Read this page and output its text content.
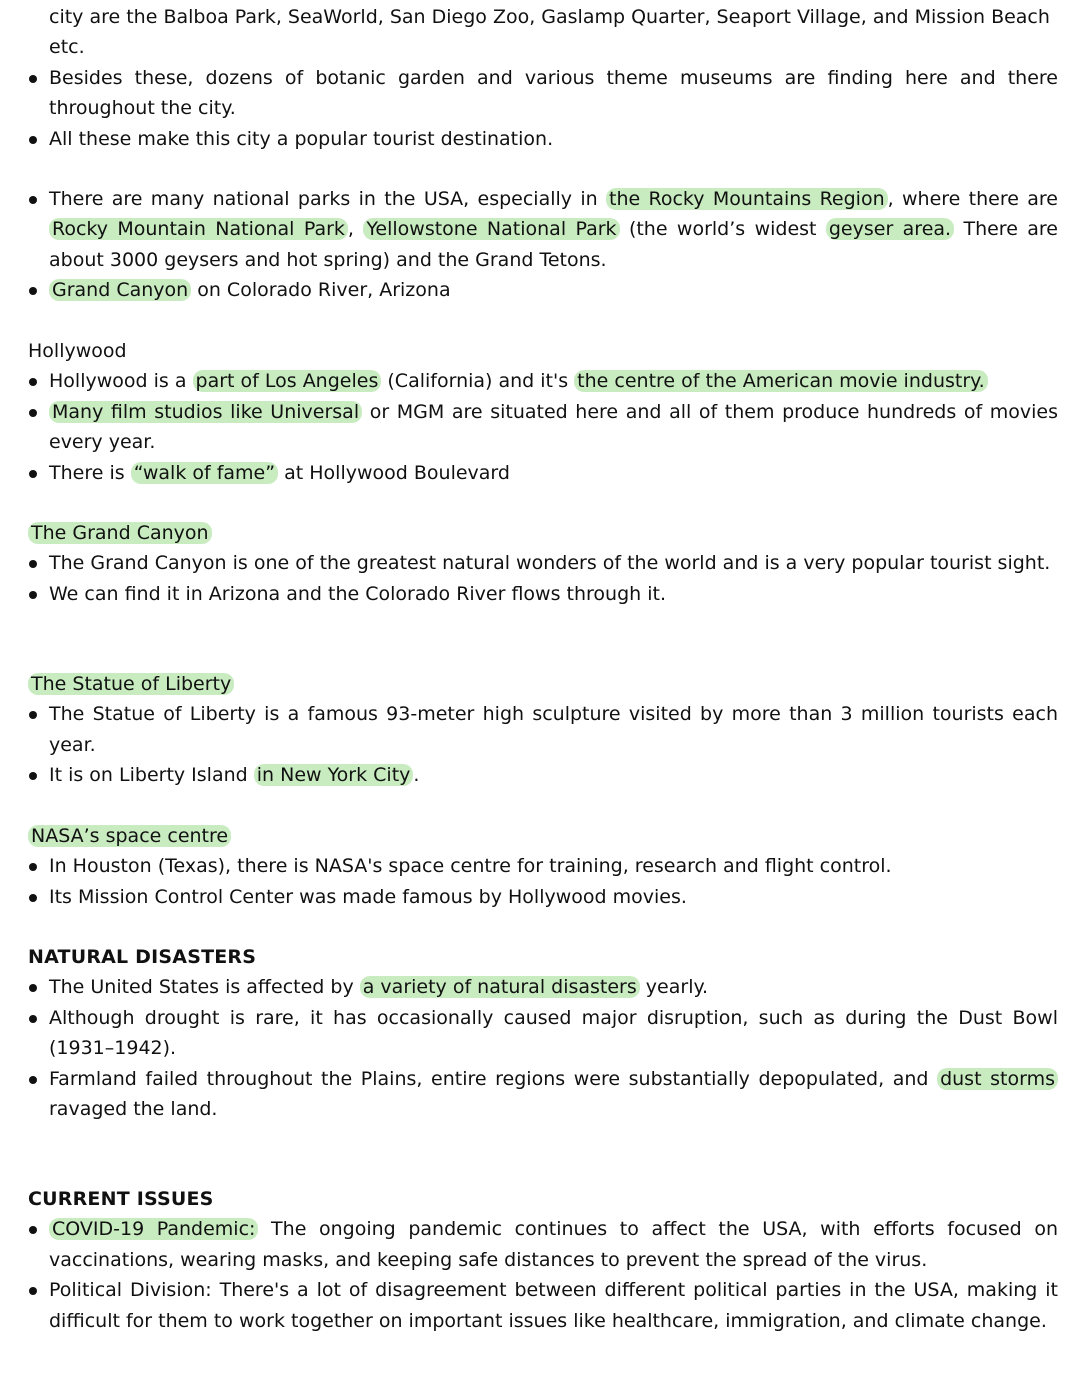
city are the Balboa Park, SeaWorld, San Diego Zoo, Gaslamp Quarter, Seaport Village, and Mission Beach etc.
Besides these, dozens of botanic garden and various theme museums are finding here and there throughout the city.
All these make this city a popular tourist destination.
There are many national parks in the USA, especially in the Rocky Mountains Region , where there are Rocky Mountain National Park , Yellowstone National Park (the world’s widest geyser area. There are about 3000 geysers and hot spring) and the Grand Tetons.
Grand Canyon on Colorado River, Arizona
Hollywood
Hollywood is a part of Los Angeles (California) and it's the centre of the American movie industry.
Many film studios like Universal or MGM are situated here and all of them produce hundreds of movies every year.
There is “walk of fame” at Hollywood Boulevard
The Grand Canyon
The Grand Canyon is one of the greatest natural wonders of the world and is a very popular tourist sight.
We can find it in Arizona and the Colorado River flows through it.
The Statue of Liberty
The Statue of Liberty is a famous 93-meter high sculpture visited by more than 3 million tourists each year.
It is on Liberty Island in New York City .
NASA’s space centre
In Houston (Texas), there is NASA's space centre for training, research and flight control.
Its Mission Control Center was made famous by Hollywood movies.
NATURAL DISASTERS
The United States is affected by a variety of natural disasters yearly.
Although drought is rare, it has occasionally caused major disruption, such as during the Dust Bowl (1931–1942).
Farmland failed throughout the Plains, entire regions were substantially depopulated, and dust storms ravaged the land.
CURRENT ISSUES
COVID-19 Pandemic: The ongoing pandemic continues to affect the USA, with efforts focused on vaccinations, wearing masks, and keeping safe distances to prevent the spread of the virus.
Political Division: There's a lot of disagreement between different political parties in the USA, making it difficult for them to work together on important issues like healthcare, immigration, and climate change.
